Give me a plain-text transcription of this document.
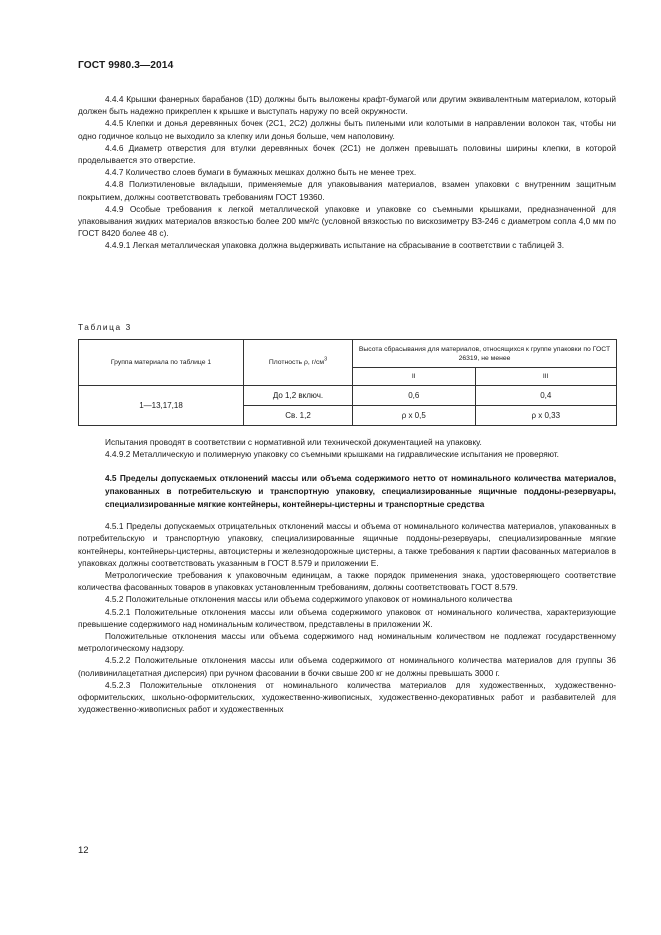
ГОСТ 9980.3—2014

4.4.4 Крышки фанерных барабанов (1D) должны быть выложены крафт-бумагой или другим эквивалентным материалом, который должен быть надежно прикреплен к крышке и выступать наружу по всей окружности.

4.4.5 Клепки и донья деревянных бочек (2С1, 2С2) должны быть пилеными или колотыми в направлении волокон так, чтобы ни одно годичное кольцо не выходило за клепку или донья больше, чем наполовину.

4.4.6 Диаметр отверстия для втулки деревянных бочек (2С1) не должен превышать половины ширины клепки, в которой проделывается это отверстие.

4.4.7 Количество слоев бумаги в бумажных мешках должно быть не менее трех.

4.4.8 Полиэтиленовые вкладыши, применяемые для упаковывания материалов, взамен упаковки с внутренним защитным покрытием, должны соответствовать требованиям ГОСТ 19360.

4.4.9 Особые требования к легкой металлической упаковке и упаковке со съемными крышками, предназначенной для упаковывания жидких материалов вязкостью более 200 мм²/с (условной вязкостью по вискозиметру ВЗ-246 с диаметром сопла 4,0 мм по ГОСТ 8420 более 48 с).

4.4.9.1 Легкая металлическая упаковка должна выдерживать испытание на сбрасывание в соответствии с таблицей 3.

Таблица 3
Группа материала по таблице 1	Плотность ρ, $г/см^3$	Высота сбрасывания для материалов, относящихся к группе упаковки по ГОСТ 26319, не менее	
		II	III
1—13,17,18	До 1,2 включ.	0,6	0,4
	Св. 1,2	ρ х 0,5	ρ х 0,33

Испытания проводят в соответствии с нормативной или технической документацией на упаковку.

4.4.9.2 Металлическую и полимерную упаковку со съемными крышками на гидравлические испытания не проверяют.

4.5 Пределы допускаемых отклонений массы или объема содержимого нетто от номинального количества материалов, упакованных в потребительскую и транспортную упаковку, специализированные ящичные поддоны-резервуары, специализированные мягкие контейнеры, контейнеры-цистерны и транспортные средства

4.5.1 Пределы допускаемых отрицательных отклонений массы и объема от номинального количества материалов, упакованных в потребительскую и транспортную упаковку, специализированные ящичные поддоны-резервуары, специализированные мягкие контейнеры, контейнеры-цистерны, автоцистерны и железнодорожные цистерны, а также требования к партии фасованных материалов в упаковках должны соответствовать указанным в ГОСТ 8.579 и приложении Е.

Метрологические требования к упаковочным единицам, а также порядок применения знака, удостоверяющего соответствие количества фасованных товаров в упаковках установленным требованиям, должны соответствовать ГОСТ 8.579.

4.5.2 Положительные отклонения массы или объема содержимого упаковок от номинального количества

4.5.2.1 Положительные отклонения массы или объема содержимого упаковок от номинального количества, характеризующие превышение содержимого над номинальным количеством, представлены в приложении Ж.

Положительные отклонения массы или объема содержимого над номинальным количеством не подлежат государственному метрологическому надзору.

4.5.2.2 Положительные отклонения массы или объема содержимого от номинального количества материалов для группы 36 (поливинилацетатная дисперсия) при ручном фасовании в бочки свыше 200 кг не должны превышать 3000 г.

4.5.2.3 Положительные отклонения от номинального количества материалов для художественных, художественно-оформительских, школьно-оформительских, художественно-живописных, художественно-декоративных работ и разбавителей для художественно-живописных работ и художественных

12
